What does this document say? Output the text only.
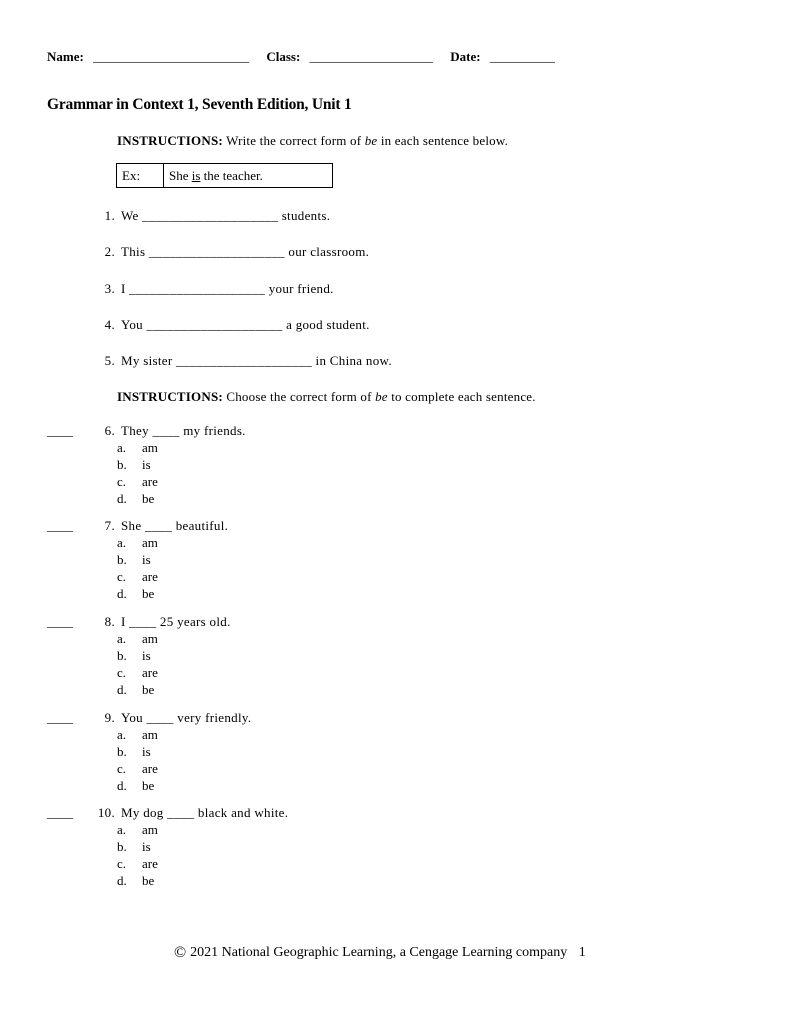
Name: ________________________ Class: ___________________ Date: __________
Grammar in Context 1, Seventh Edition, Unit 1
INSTRUCTIONS: Write the correct form of be in each sentence below.
Ex:	She is the teacher.
1. We ____________________ students.
2. This ____________________ our classroom.
3. I ____________________ your friend.
4. You ____________________ a good student.
5. My sister ____________________ in China now.
INSTRUCTIONS: Choose the correct form of be to complete each sentence.
____	6. They ____ my friends.
a. am
b. is
c. are
d. be
____	7. She ____ beautiful.
a. am
b. is
c. are
d. be
____	8. I ____ 25 years old.
a. am
b. is
c. are
d. be
____	9. You ____ very friendly.
a. am
b. is
c. are
d. be
____ 10. My dog ____ black and white.
a. am
b. is
c. are
d. be
© 2021 National Geographic Learning, a Cengage Learning company 1
